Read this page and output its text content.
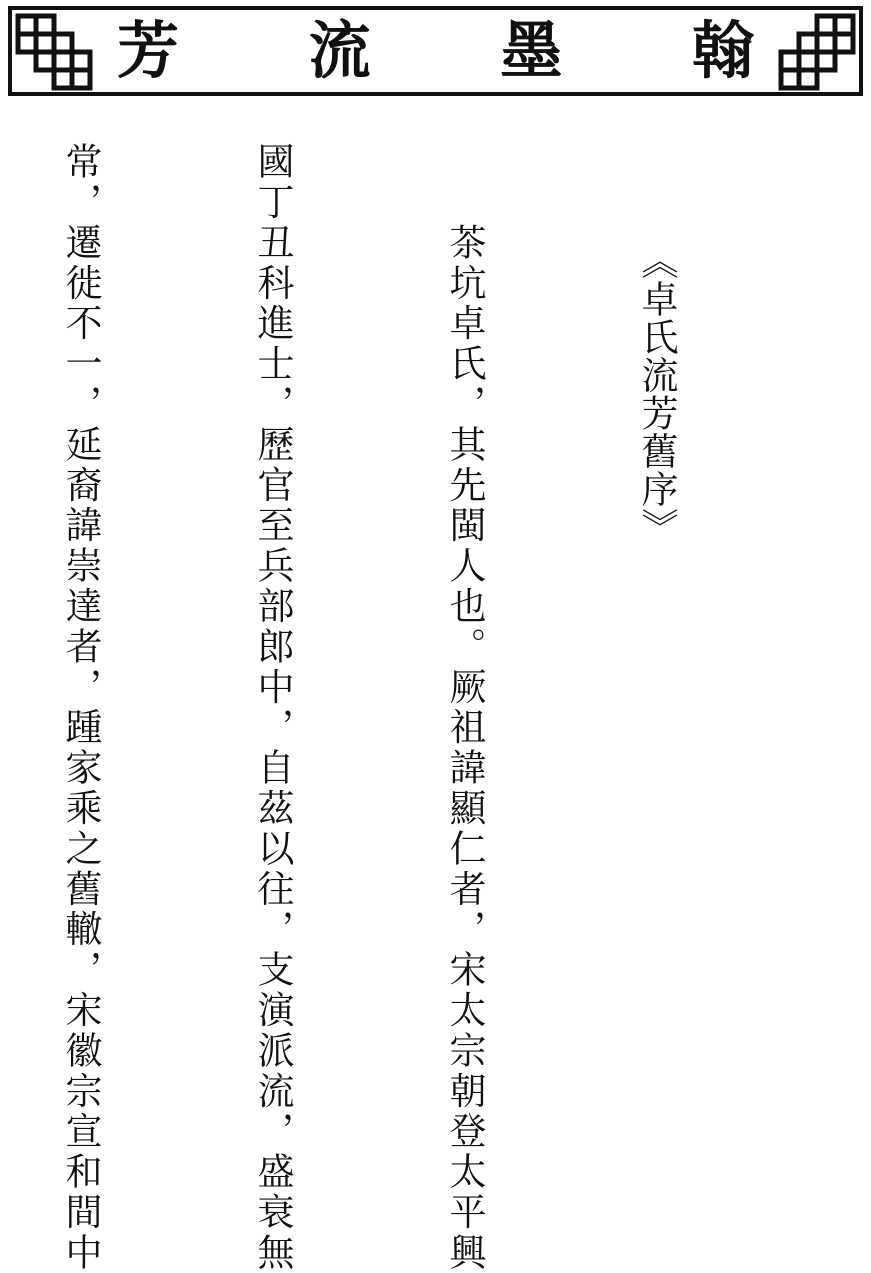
翰
墨
流
芳

《卓氏流芳舊序》

　　茶坑卓氏，其先閩人也。厥祖諱顯仁者，宋太宗朝登太平興

國丁丑科進士，歷官至兵部郎中，自茲以往，支演派流，盛衰無

常，遷徙不一，延裔諱崇達者，踵家乘之舊轍，宋徽宗宣和間中
